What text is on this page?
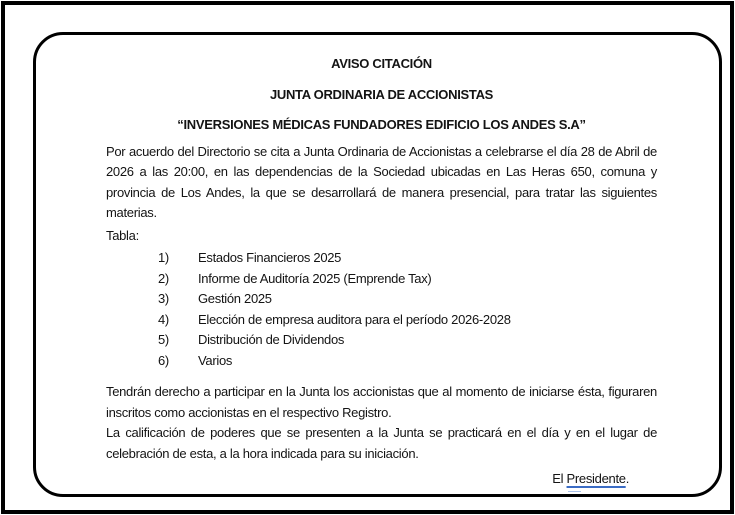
AVISO CITACIÓN
JUNTA ORDINARIA DE ACCIONISTAS
“INVERSIONES MÉDICAS FUNDADORES EDIFICIO LOS ANDES S.A”
Por acuerdo del Directorio se cita a Junta Ordinaria de Accionistas a celebrarse el día 28 de Abril de 2026 a las 20:00, en las dependencias de la Sociedad ubicadas en Las Heras 650, comuna y provincia de Los Andes, la que se desarrollará de manera presencial, para tratar las siguientes materias.
Tabla:
1)	Estados Financieros 2025
2)	Informe de Auditoría 2025 (Emprende Tax)
3)	Gestión 2025
4)	Elección de empresa auditora para el período 2026-2028
5)	Distribución de Dividendos
6)	Varios
Tendrán derecho a participar en la Junta los accionistas que al momento de iniciarse ésta, figuraren inscritos como accionistas en el respectivo Registro.
La calificación de poderes que se presenten a la Junta se practicará en el día y en el lugar de celebración de esta, a la hora indicada para su iniciación.
El Presidente.
